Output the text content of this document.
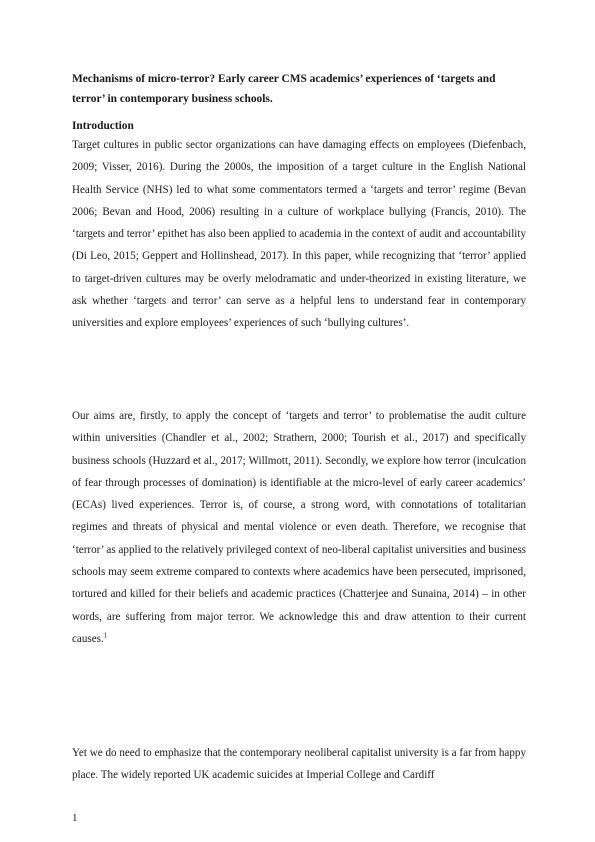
Mechanisms of micro-terror? Early career CMS academics’ experiences of ‘targets and terror’ in contemporary business schools.

Introduction

Target cultures in public sector organizations can have damaging effects on employees (Diefenbach, 2009; Visser, 2016). During the 2000s, the imposition of a target culture in the English National Health Service (NHS) led to what some commentators termed a ‘targets and terror’ regime (Bevan 2006; Bevan and Hood, 2006) resulting in a culture of workplace bullying (Francis, 2010). The ‘targets and terror’ epithet has also been applied to academia in the context of audit and accountability (Di Leo, 2015; Geppert and Hollinshead, 2017). In this paper, while recognizing that ‘terror’ applied to target-driven cultures may be overly melodramatic and under-theorized in existing literature, we ask whether ‘targets and terror’ can serve as a helpful lens to understand fear in contemporary universities and explore employees’ experiences of such ‘bullying cultures’.

Our aims are, firstly, to apply the concept of ‘targets and terror’ to problematise the audit culture within universities (Chandler et al., 2002; Strathern, 2000; Tourish et al., 2017) and specifically business schools (Huzzard et al., 2017; Willmott, 2011). Secondly, we explore how terror (inculcation of fear through processes of domination) is identifiable at the micro-level of early career academics’ (ECAs) lived experiences. Terror is, of course, a strong word, with connotations of totalitarian regimes and threats of physical and mental violence or even death. Therefore, we recognise that ‘terror’ as applied to the relatively privileged context of neo-liberal capitalist universities and business schools may seem extreme compared to contexts where academics have been persecuted, imprisoned, tortured and killed for their beliefs and academic practices (Chatterjee and Sunaina, 2014) – in other words, are suffering from major terror. We acknowledge this and draw attention to their current causes.$^1$

Yet we do need to emphasize that the contemporary neoliberal capitalist university is a far from happy place. The widely reported UK academic suicides at Imperial College and Cardiff

1
